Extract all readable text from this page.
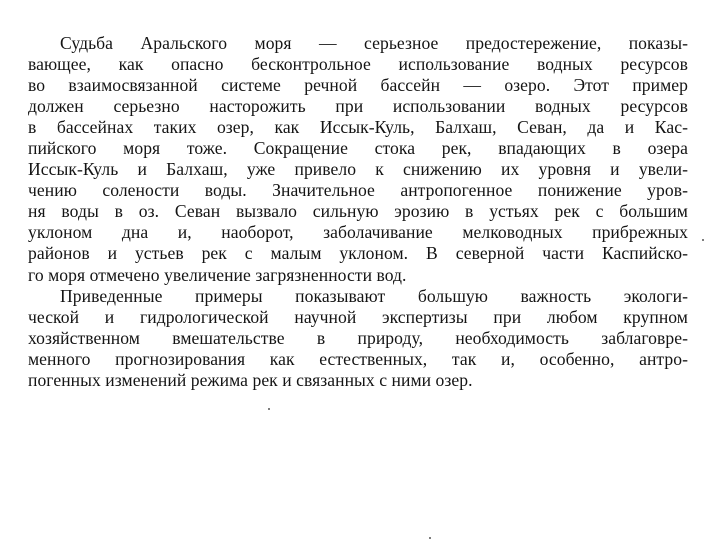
Судьба Аральского моря — серьезное предостережение, показы-
вающее, как опасно бесконтрольное использование водных ресурсов
во взаимосвязанной системе речной бассейн — озеро. Этот пример
должен серьезно насторожить при использовании водных ресурсов
в бассейнах таких озер, как Иссык-Куль, Балхаш, Севан, да и Кас-
пийского моря тоже. Сокращение стока рек, впадающих в озера
Иссык-Куль и Балхаш, уже привело к снижению их уровня и увели-
чению солености воды. Значительное антропогенное понижение уров-
ня воды в оз. Севан вызвало сильную эрозию в устьях рек с большим
уклоном дна и, наоборот, заболачивание мелководных прибрежных
районов и устьев рек с малым уклоном. В северной части Каспийско-
го моря отмечено увеличение загрязненности вод.
Приведенные примеры показывают большую важность экологи-
ческой и гидрологической научной экспертизы при любом крупном
хозяйственном вмешательстве в природу, необходимость заблаговре-
менного прогнозирования как естественных, так и, особенно, антро-
погенных изменений режима рек и связанных с ними озер.
